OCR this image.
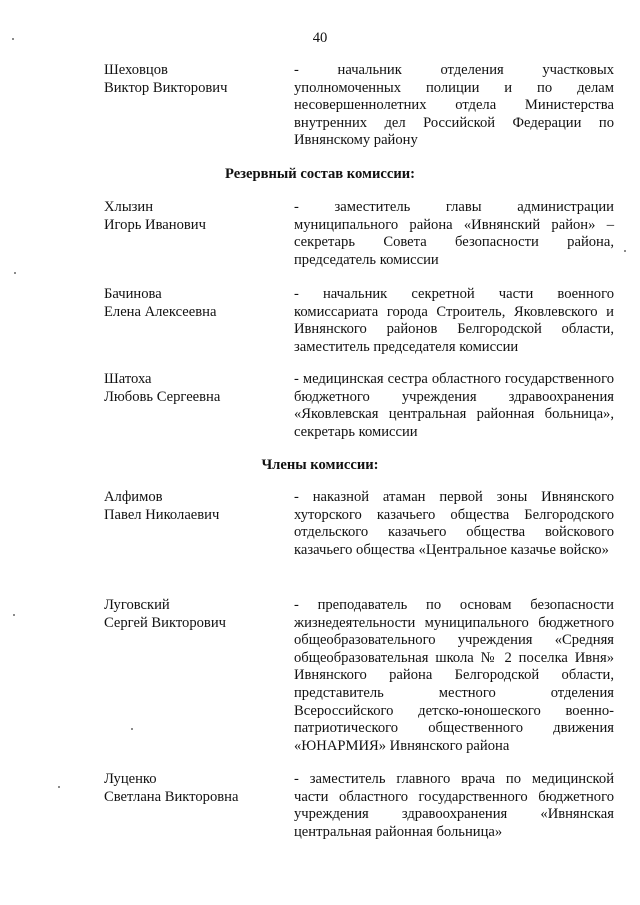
40
Шеховцов
Виктор Викторович
- начальник отделения участковых уполномоченных полиции и по делам несовершеннолетних отдела Министерства внутренних дел Российской Федерации по Ивнянскому району
Резервный состав комиссии:
Хлызин
Игорь Иванович
- заместитель главы администрации муниципального района «Ивнянский район» – секретарь Совета безопасности района, председатель комиссии
Бачинова
Елена Алексеевна
- начальник секретной части военного комиссариата города Строитель, Яковлевского и Ивнянского районов Белгородской области, заместитель председателя комиссии
Шатоха
Любовь Сергеевна
- медицинская сестра областного государственного бюджетного учреждения здравоохранения «Яковлевская центральная районная больница», секретарь комиссии
Члены комиссии:
Алфимов
Павел Николаевич
- наказной атаман первой зоны Ивнянского хуторского казачьего общества Белгородского отдельского казачьего общества войскового казачьего общества «Центральное казачье войско»
Луговский
Сергей Викторович
- преподаватель по основам безопасности жизнедеятельности муниципального бюджетного общеобразовательного учреждения «Средняя общеобразовательная школа № 2 поселка Ивня» Ивнянского района Белгородской области, представитель местного отделения Всероссийского детско-юношеского военно-патриотического общественного движения «ЮНАРМИЯ» Ивнянского района
Луценко
Светлана Викторовна
- заместитель главного врача по медицинской части областного государственного бюджетного учреждения здравоохранения «Ивнянская центральная районная больница»
